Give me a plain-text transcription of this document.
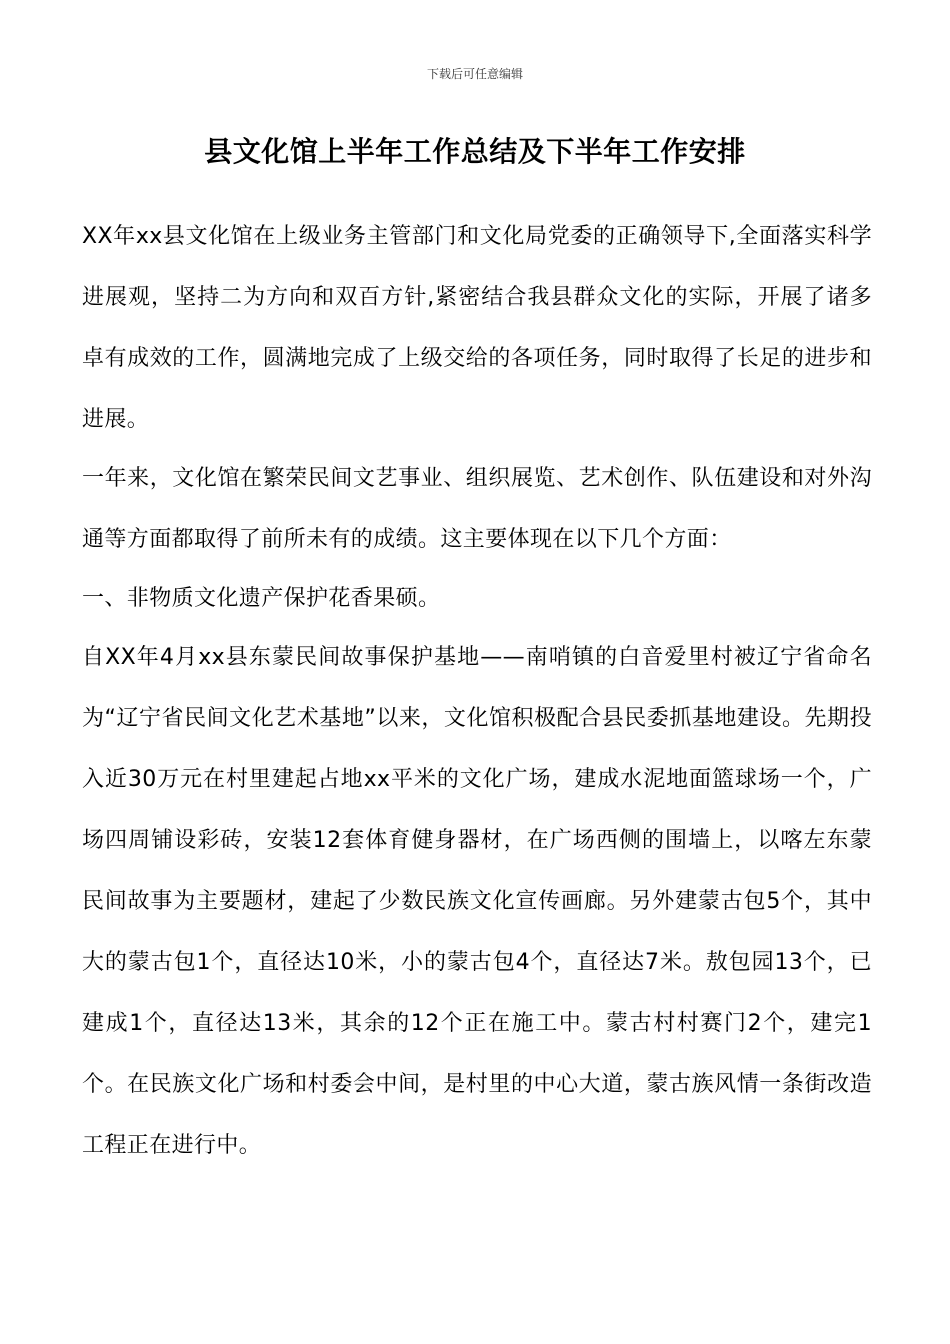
下载后可任意编辑
县文化馆上半年工作总结及下半年工作安排

XX年xx县文化馆在上级业务主管部门和文化局党委的正确领导下,全面落实科学进展观，坚持二为方向和双百方针,紧密结合我县群众文化的实际，开展了诸多卓有成效的工作，圆满地完成了上级交给的各项任务，同时取得了长足的进步和进展。

一年来，文化馆在繁荣民间文艺事业、组织展览、艺术创作、队伍建设和对外沟通等方面都取得了前所未有的成绩。这主要体现在以下几个方面：

一、非物质文化遗产保护花香果硕。

自XX年4月xx县东蒙民间故事保护基地——南哨镇的白音爱里村被辽宁省命名为“辽宁省民间文化艺术基地”以来，文化馆积极配合县民委抓基地建设。先期投入近30万元在村里建起占地xx平米的文化广场，建成水泥地面篮球场一个，广场四周铺设彩砖，安装12套体育健身器材，在广场西侧的围墙上，以喀左东蒙民间故事为主要题材，建起了少数民族文化宣传画廊。另外建蒙古包5个，其中大的蒙古包1个，直径达10米，小的蒙古包4个，直径达7米。敖包园13个，已建成1个，直径达13米，其余的12个正在施工中。蒙古村村赛门2个，建完1个。在民族文化广场和村委会中间，是村里的中心大道，蒙古族风情一条街改造工程正在进行中。
